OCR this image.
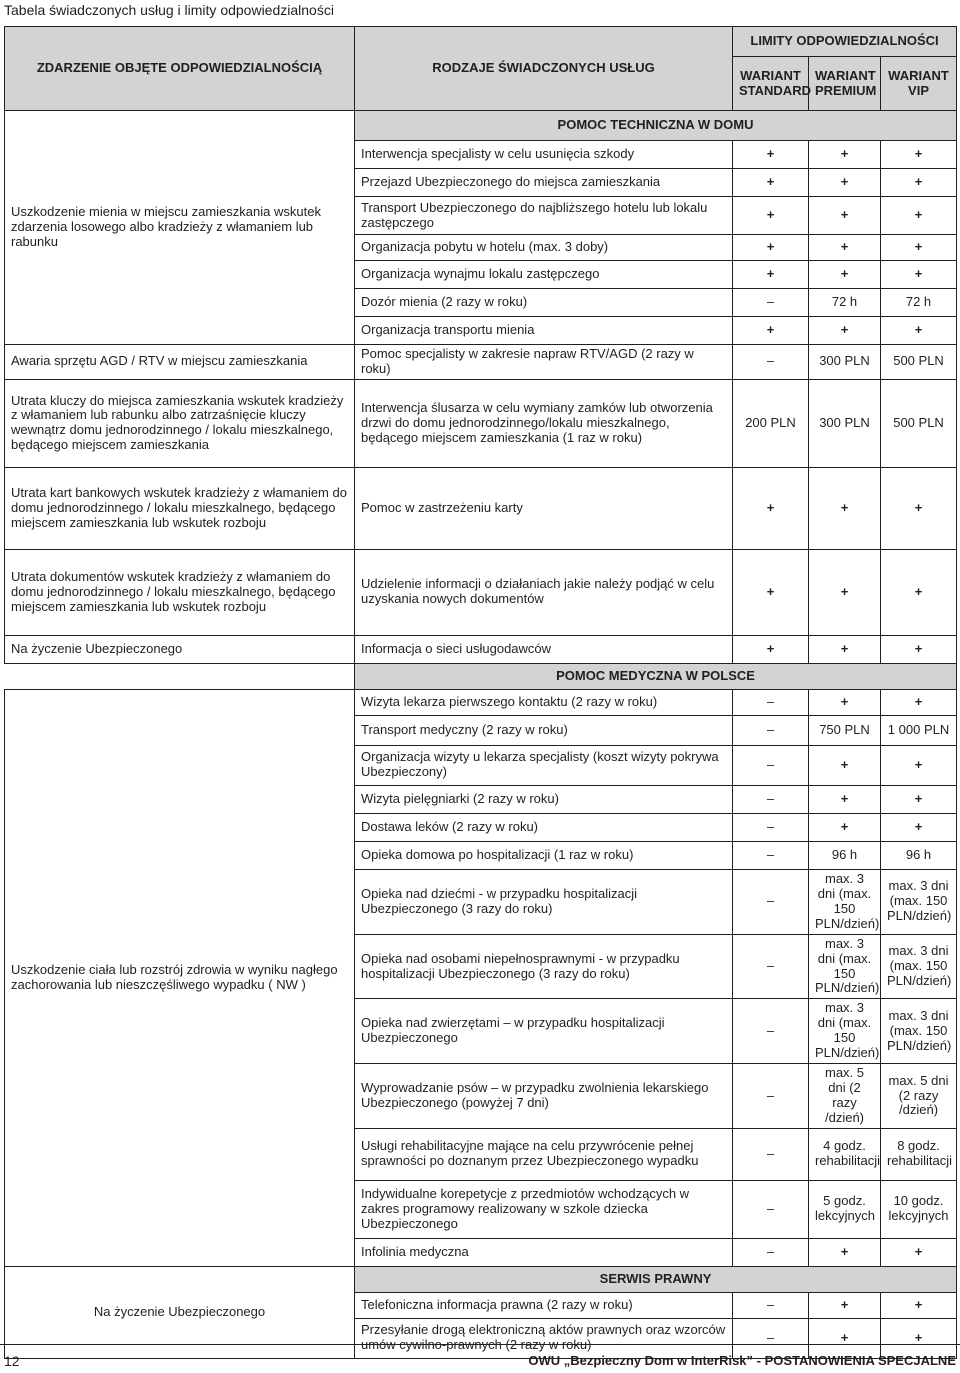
Tabela świadczonych usług i limity odpowiedzialności
ZDARZENIE OBJĘTE ODPOWIEDZIALNOŚCIĄ	RODZAJE ŚWIADCZONYCH USŁUG	LIMITY ODPOWIEDZIALNOŚCI		
		WARIANT STANDARD	WARIANT PREMIUM	WARIANT VIP
Uszkodzenie mienia w miejscu zamieszkania wskutek zdarzenia losowego albo kradzieży z włamaniem lub rabunku	POMOC TECHNICZNA W DOMU			
	Interwencja specjalisty w celu usunięcia szkody	+	+	+
	Przejazd Ubezpieczonego do miejsca zamieszkania	+	+	+
	Transport Ubezpieczonego do najbliższego hotelu lub lokalu zastępczego	+	+	+
	Organizacja pobytu w hotelu (max. 3 doby)	+	+	+
	Organizacja wynajmu lokalu zastępczego	+	+	+
	Dozór mienia (2 razy w roku)	–	72 h	72 h
	Organizacja transportu mienia	+	+	+
Awaria sprzętu AGD / RTV w miejscu zamieszkania	Pomoc specjalisty w zakresie napraw RTV/AGD (2 razy w roku)	–	300 PLN	500 PLN
Utrata kluczy do miejsca zamieszkania wskutek kradzieży z włamaniem lub rabunku albo zatrzaśnięcie kluczy wewnątrz domu jednorodzinnego / lokalu mieszkalnego, będącego miejscem zamieszkania	Interwencja ślusarza w celu wymiany zamków lub otworzenia drzwi do domu jednorodzinnego/lokalu mieszkalnego, będącego miejscem zamieszkania (1 raz w roku)	200 PLN	300 PLN	500 PLN
Utrata kart bankowych wskutek kradzieży z włamaniem do domu jednorodzinnego / lokalu mieszkalnego, będącego miejscem zamieszkania lub wskutek rozboju	Pomoc w zastrzeżeniu karty	+	+	+
Utrata dokumentów wskutek kradzieży z włamaniem do domu jednorodzinnego / lokalu mieszkalnego, będącego miejscem zamieszkania lub wskutek rozboju	Udzielenie informacji o działaniach jakie należy podjąć w celu uzyskania nowych dokumentów	+	+	+
Na życzenie Ubezpieczonego	Informacja o sieci usługodawców	+	+	+
	POMOC MEDYCZNA W POLSCE			
Uszkodzenie ciała lub rozstrój zdrowia w wyniku nagłego zachorowania lub nieszczęśliwego wypadku ( NW )	Wizyta lekarza pierwszego kontaktu (2 razy w roku)	–	+	+
	Transport medyczny (2 razy w roku)	–	750 PLN	1 000 PLN
	Organizacja wizyty u lekarza specjalisty (koszt wizyty pokrywa Ubezpieczony)	–	+	+
	Wizyta pielęgniarki (2 razy w roku)	–	+	+
	Dostawa leków (2 razy w roku)	–	+	+
	Opieka domowa po hospitalizacji (1 raz w roku)	–	96 h	96 h
	Opieka nad dziećmi - w przypadku hospitalizacji Ubezpieczonego (3 razy do roku)	–	max. 3 dni (max. 150 PLN/dzień)	max. 3 dni (max. 150 PLN/dzień)
	Opieka nad osobami niepełnosprawnymi - w przypadku hospitalizacji Ubezpieczonego (3 razy do roku)	–	max. 3 dni (max. 150 PLN/dzień)	max. 3 dni (max. 150 PLN/dzień)
	Opieka nad zwierzętami – w przypadku hospitalizacji Ubezpieczonego	–	max. 3 dni (max. 150 PLN/dzień)	max. 3 dni (max. 150 PLN/dzień)
	Wyprowadzanie psów – w przypadku zwolnienia lekarskiego Ubezpieczonego (powyżej 7 dni)	–	max. 5 dni (2 razy /dzień)	max. 5 dni (2 razy /dzień)
	Usługi rehabilitacyjne mające na celu przywrócenie pełnej sprawności po doznanym przez Ubezpieczonego wypadku	–	4 godz. rehabilitacji	8 godz. rehabilitacji
	Indywidualne korepetycje z przedmiotów wchodzących w zakres programowy realizowany w szkole dziecka Ubezpieczonego	–	5 godz. lekcyjnych	10 godz. lekcyjnych
	Infolinia medyczna	–	+	+
Na życzenie Ubezpieczonego	SERWIS PRAWNY			
	Telefoniczna informacja prawna (2 razy w roku)	–	+	+
	Przesyłanie drogą elektroniczną aktów prawnych oraz wzorców umów cywilno-prawnych (2 razy w roku)	–	+	+
12	OWU „Bezpieczny Dom w InterRisk” - POSTANOWIENIA SPECJALNE
